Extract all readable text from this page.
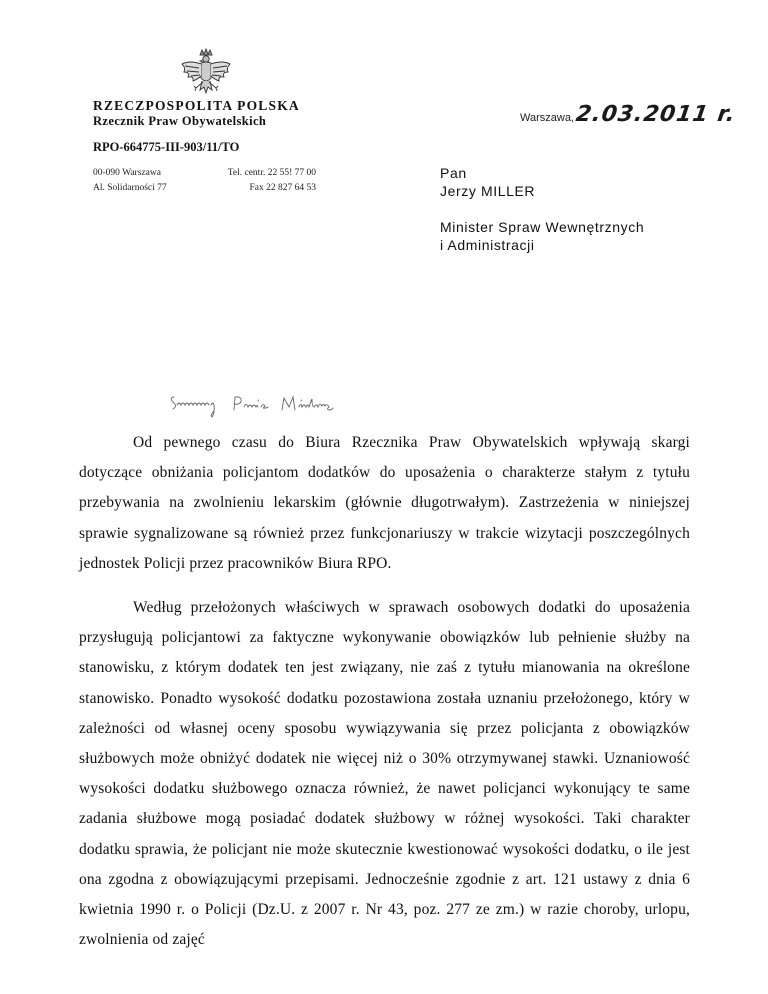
RZECZPOSPOLITA POLSKA
Rzecznik Praw Obywatelskich	Warszawa, 2.03.2011 r.
RPO-664775-III-903/11/TO
00-090 Warszawa
Al. Solidarności 77
Tel. centr. 22 55! 77 00
Fax 22 827 64 53
Pan
Jerzy MILLER
Minister Spraw Wewnętrznych
i Administracji

Od pewnego czasu do Biura Rzecznika Praw Obywatelskich wpływają skargi dotyczące obniżania policjantom dodatków do uposażenia o charakterze stałym z tytułu przebywania na zwolnieniu lekarskim (głównie długotrwałym). Zastrzeżenia w niniejszej sprawie sygnalizowane są również przez funkcjonariuszy w trakcie wizytacji poszczególnych jednostek Policji przez pracowników Biura RPO.

Według przełożonych właściwych w sprawach osobowych dodatki do uposażenia przysługują policjantowi za faktyczne wykonywanie obowiązków lub pełnienie służby na stanowisku, z którym dodatek ten jest związany, nie zaś z tytułu mianowania na określone stanowisko. Ponadto wysokość dodatku pozostawiona została uznaniu przełożonego, który w zależności od własnej oceny sposobu wywiązywania się przez policjanta z obowiązków służbowych może obniżyć dodatek nie więcej niż o 30% otrzymywanej stawki. Uznaniowość wysokości dodatku służbowego oznacza również, że nawet policjanci wykonujący te same zadania służbowe mogą posiadać dodatek służbowy w różnej wysokości. Taki charakter dodatku sprawia, że policjant nie może skutecznie kwestionować wysokości dodatku, o ile jest ona zgodna z obowiązującymi przepisami. Jednocześnie zgodnie z art. 121 ustawy z dnia 6 kwietnia 1990 r. o Policji (Dz.U. z 2007 r. Nr 43, poz. 277 ze zm.) w razie choroby, urlopu, zwolnienia od zajęć
